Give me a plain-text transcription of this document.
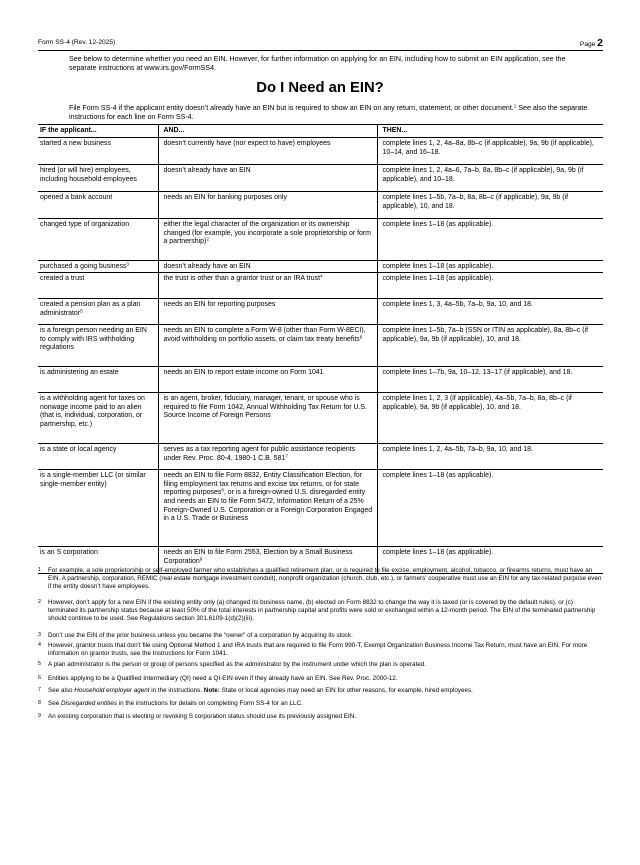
Form SS-4 (Rev. 12-2025)	Page 2
See below to determine whether you need an EIN. However, for further information on applying for an EIN, including how to submit an EIN application, see the separate instructions at www.irs.gov/FormSS4.
Do I Need an EIN?
File Form SS-4 if the applicant entity doesn’t already have an EIN but is required to show an EIN on any return, statement, or other document.$^1$ See also the separate instructions for each line on Form SS-4.
IF the applicant...	AND...	THEN...
started a new business	doesn’t currently have (nor expect to have) employees	complete lines 1, 2, 4a–8a, 8b–c (if applicable), 9a, 9b (if applicable), 10–14, and 16–18.
hired (or will hire) employees, including household employees	doesn’t already have an EIN	complete lines 1, 2, 4a–6, 7a–b, 8a, 8b–c (if applicable), 9a, 9b (if applicable), and 10–18.
opened a bank account	needs an EIN for banking purposes only	complete lines 1–5b, 7a–b, 8a, 8b–c (if applicable), 9a, 9b (if applicable), 10, and 18.
changed type of organization	either the legal character of the organization or its ownership changed (for example, you incorporate a sole proprietorship or form a partnership)$^2$	complete lines 1–18 (as applicable).
purchased a going business$^3$	doesn’t already have an EIN	complete lines 1–18 (as applicable).
created a trust	the trust is other than a grantor trust or an IRA trust$^4$	complete lines 1–18 (as applicable).
created a pension plan as a plan administrator$^5$	needs an EIN for reporting purposes	complete lines 1, 3, 4a–5b, 7a–b, 9a, 10, and 18.
is a foreign person needing an EIN to comply with IRS withholding regulations	needs an EIN to complete a Form W-8 (other than Form W-8ECI), avoid withholding on portfolio assets, or claim tax treaty benefits$^6$	complete lines 1–5b, 7a–b (SSN or ITIN as applicable), 8a, 8b–c (if applicable), 9a, 9b (if applicable), 10, and 18.
is administering an estate	needs an EIN to report estate income on Form 1041	complete lines 1–7b, 9a, 10–12, 13–17 (if applicable), and 18.
is a withholding agent for taxes on nonwage income paid to an alien (that is, individual, corporation, or partnership, etc.)	is an agent, broker, fiduciary, manager, tenant, or spouse who is required to file Form 1042, Annual Withholding Tax Return for U.S. Source Income of Foreign Persons	complete lines 1, 2, 3 (if applicable), 4a–5b, 7a–b, 8a, 8b–c (if applicable), 9a, 9b (if applicable), 10, and 18.
is a state or local agency	serves as a tax reporting agent for public assistance recipients under Rev. Proc. 80-4, 1980-1 C.B. $581^7$	complete lines 1, 2, 4a–5b, 7a–b, 9a, 10, and 18.
is a single-member LLC (or similar single-member entity)	needs an EIN to file Form 8832, Entity Classification Election, for filing employment tax returns and excise tax returns, or for state reporting purposes$^8$, or is a foreign-owned U.S. disregarded entity and needs an EIN to file Form 5472, Information Return of a 25% Foreign-Owned U.S. Corporation or a Foreign Corporation Engaged in a U.S. Trade or Business	complete lines 1–18 (as applicable).
is an S corporation	needs an EIN to file Form 2553, Election by a Small Business Corporation$^9$	complete lines 1–18 (as applicable).
1	For example, a sole proprietorship or self-employed farmer who establishes a qualified retirement plan, or is required to file excise, employment, alcohol, tobacco, or firearms returns, must have an EIN. A partnership, corporation, REMIC (real estate mortgage investment conduit), nonprofit organization (church, club, etc.), or farmers’ cooperative must use an EIN for any tax-related purpose even if the entity doesn’t have employees.
2	However, don’t apply for a new EIN if the existing entity only (a) changed its business name, (b) elected on Form 8832 to change the way it is taxed (or is covered by the default rules), or (c) terminated its partnership status because at least 50% of the total interests in partnership capital and profits were sold or exchanged within a 12-month period. The EIN of the terminated partnership should continue to be used. See Regulations section 301.6109-1(d)(2)(iii).
3	Don’t use the EIN of the prior business unless you became the “owner” of a corporation by acquiring its stock.
4	However, grantor trusts that don’t file using Optional Method 1 and IRA trusts that are required to file Form 990-T, Exempt Organization Business Income Tax Return, must have an EIN. For more information on grantor trusts, see the Instructions for Form 1041.
5	A plan administrator is the person or group of persons specified as the administrator by the instrument under which the plan is operated.
6	Entities applying to be a Qualified Intermediary (QI) need a QI-EIN even if they already have an EIN. See Rev. Proc. 2000-12.
7	See also Household employer agent in the instructions. Note: State or local agencies may need an EIN for other reasons, for example, hired employees.
8	See Disregarded entities in the instructions for details on completing Form SS-4 for an LLC.
9	An existing corporation that is electing or revoking S corporation status should use its previously assigned EIN.
